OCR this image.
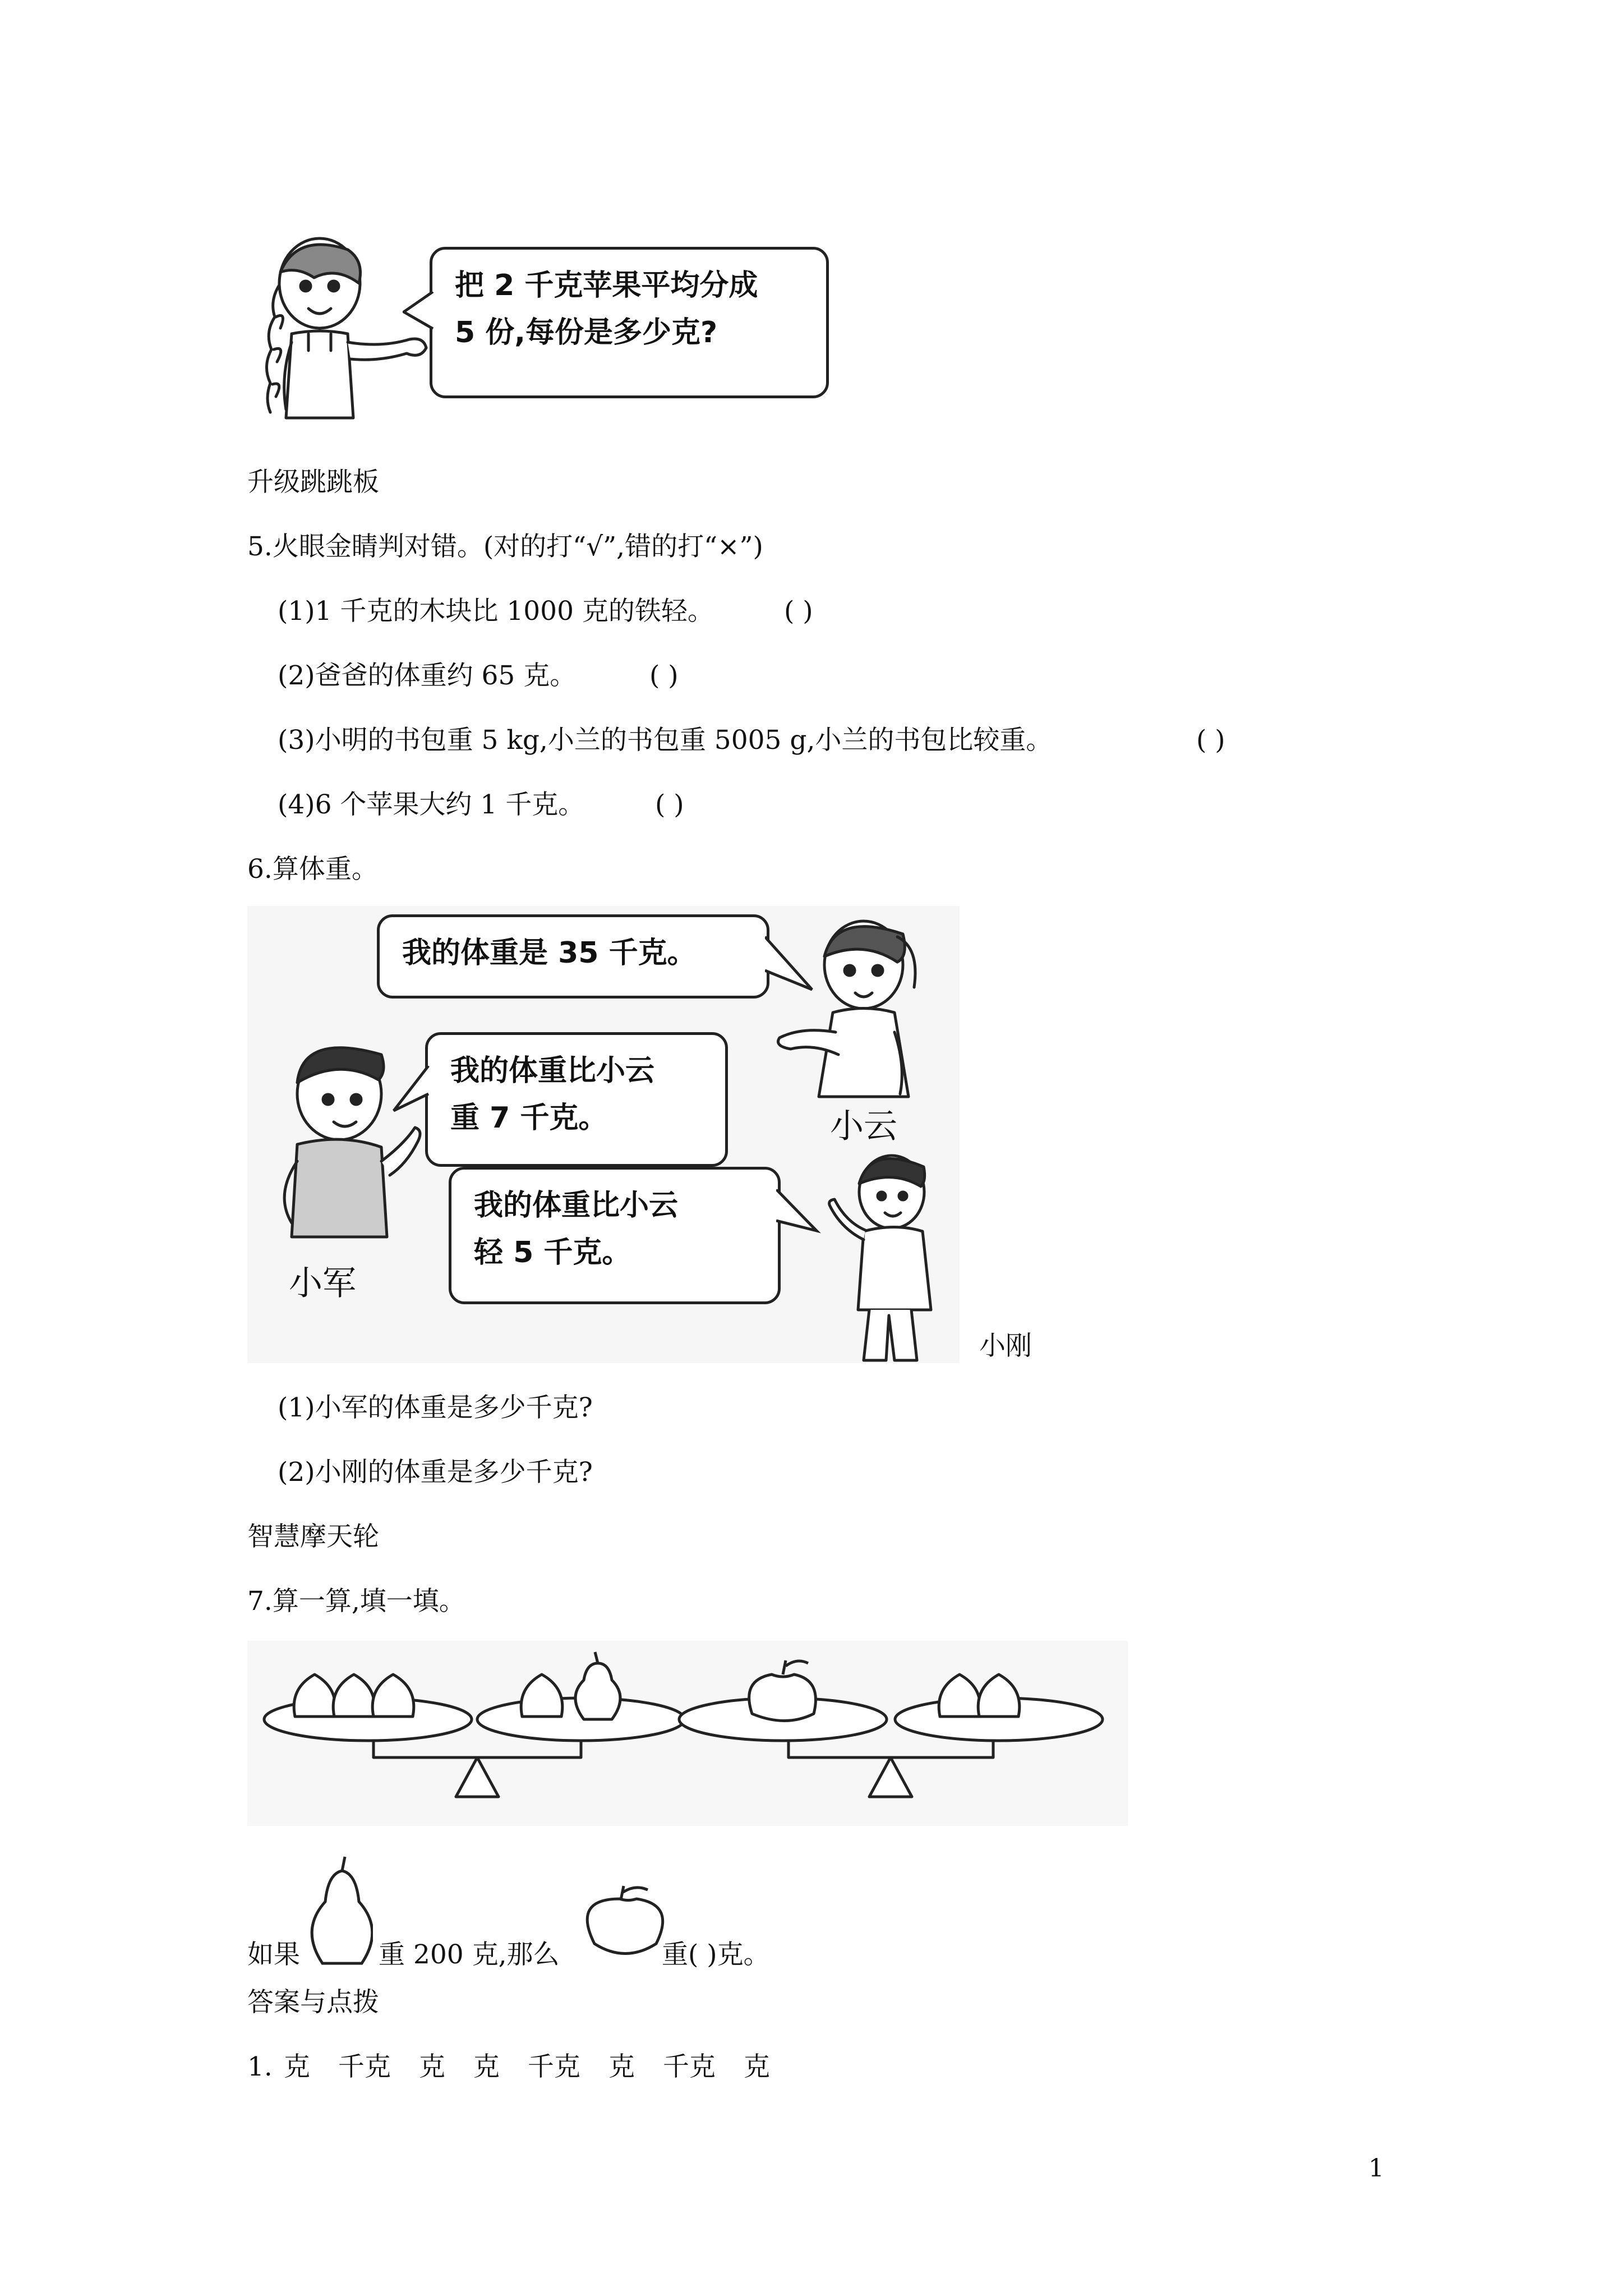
把 2 千克苹果平均分成
5 份,每份是多少克?
升级跳跳板
5.火眼金睛判对错。(对的打“√”,错的打“×”)
(1)1 千克的木块比 1000 克的铁轻。	( )
(2)爸爸的体重约 65 克。	( )
(3)小明的书包重 5 kg,小兰的书包重 5005 g,小兰的书包比较重。	( )
(4)6 个苹果大约 1 千克。	( )
6.算体重。
我的体重是 35 千克。
小云
我的体重比小云
重 7 千克。
小军
我的体重比小云
轻 5 千克。
小刚
(1)小军的体重是多少千克?
(2)小刚的体重是多少千克?
智慧摩天轮
7.算一算,填一填。
如果	重 200 克,那么	重( )克。
答案与点拨
1. 克 千克 克 克 千克 克 千克 克
1
